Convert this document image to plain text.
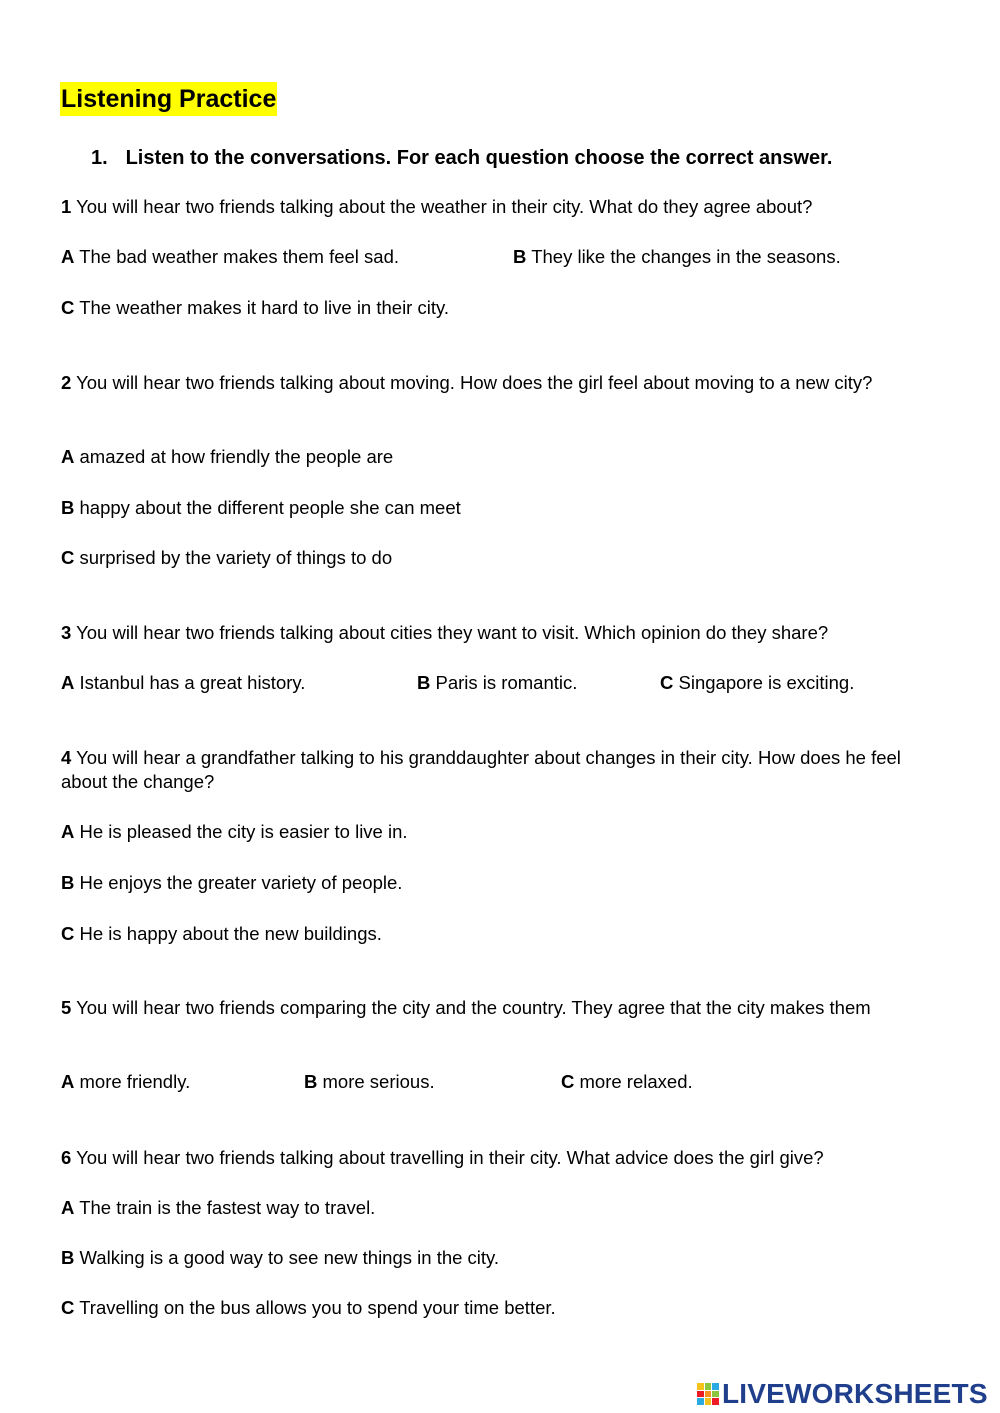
Listening Practice
1. Listen to the conversations. For each question choose the correct answer.
1 You will hear two friends talking about the weather in their city. What do they agree about?
A The bad weather makes them feel sad.	B They like the changes in the seasons.
C The weather makes it hard to live in their city.
2 You will hear two friends talking about moving. How does the girl feel about moving to a new city?
A amazed at how friendly the people are
B happy about the different people she can meet
C surprised by the variety of things to do
3 You will hear two friends talking about cities they want to visit. Which opinion do they share?
A Istanbul has a great history.	B Paris is romantic.	C Singapore is exciting.
4 You will hear a grandfather talking to his granddaughter about changes in their city. How does he feel about the change?
A He is pleased the city is easier to live in.
B He enjoys the greater variety of people.
C He is happy about the new buildings.
5 You will hear two friends comparing the city and the country. They agree that the city makes them
A more friendly.	B more serious.	C more relaxed.
6 You will hear two friends talking about travelling in their city. What advice does the girl give?
A The train is the fastest way to travel.
B Walking is a good way to see new things in the city.
C Travelling on the bus allows you to spend your time better.
LIVEWORKSHEETS
